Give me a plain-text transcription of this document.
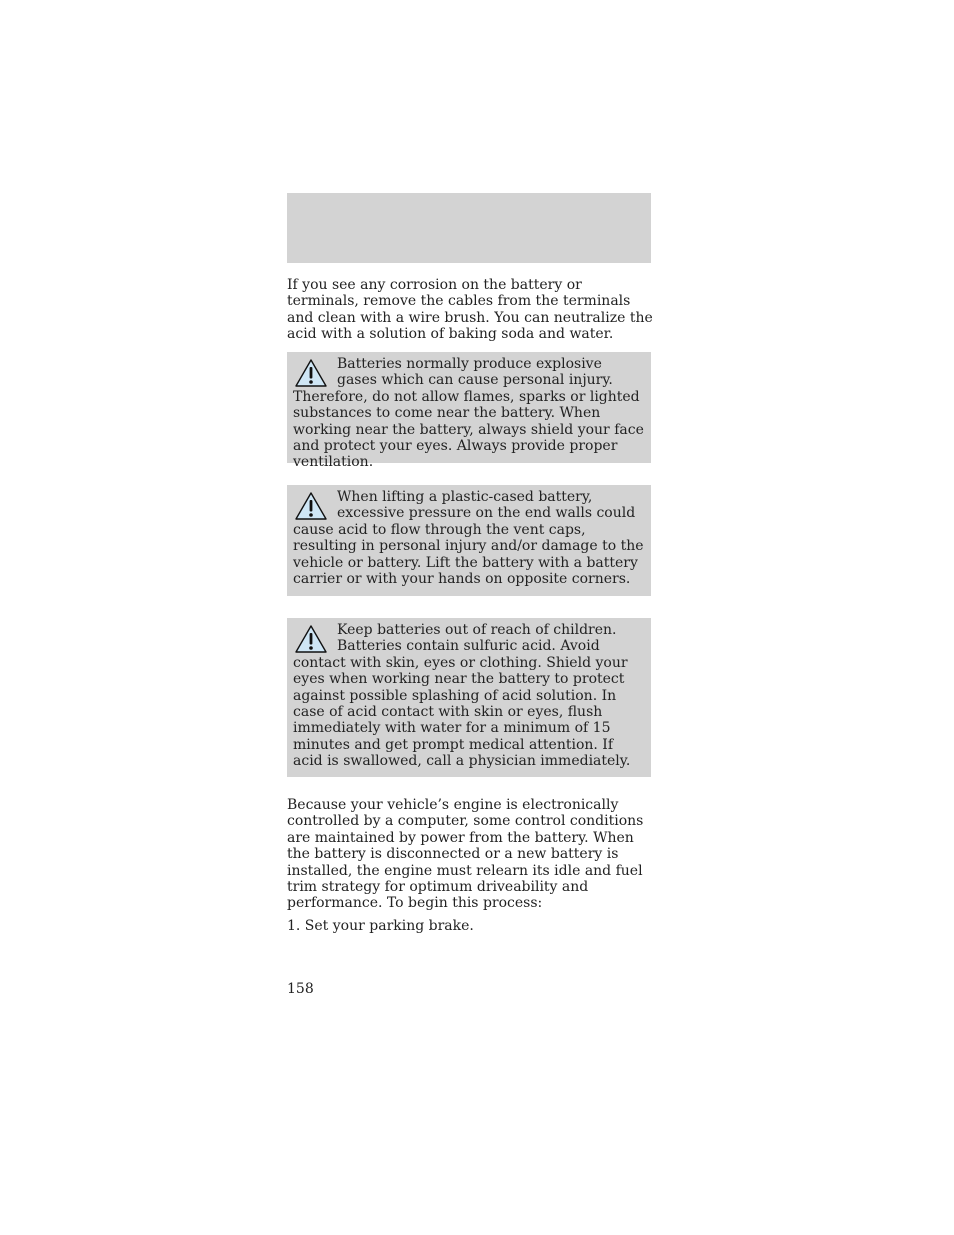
If you see any corrosion on the battery or terminals, remove the cables from the terminals and clean with a wire brush. You can neutralize the acid with a solution of baking soda and water.

Batteries normally produce explosive gases which can cause personal injury. Therefore, do not allow flames, sparks or lighted substances to come near the battery. When working near the battery, always shield your face and protect your eyes. Always provide proper ventilation.
When lifting a plastic-cased battery, excessive pressure on the end walls could cause acid to flow through the vent caps, resulting in personal injury and/or damage to the vehicle or battery. Lift the battery with a battery carrier or with your hands on opposite corners.
Keep batteries out of reach of children. Batteries contain sulfuric acid. Avoid contact with skin, eyes or clothing. Shield your eyes when working near the battery to protect against possible splashing of acid solution. In case of acid contact with skin or eyes, flush immediately with water for a minimum of 15 minutes and get prompt medical attention. If acid is swallowed, call a physician immediately.

Because your vehicle’s engine is electronically controlled by a computer, some control conditions are maintained by power from the battery. When the battery is disconnected or a new battery is installed, the engine must relearn its idle and fuel trim strategy for optimum driveability and performance. To begin this process:

1. Set your parking brake.

158
